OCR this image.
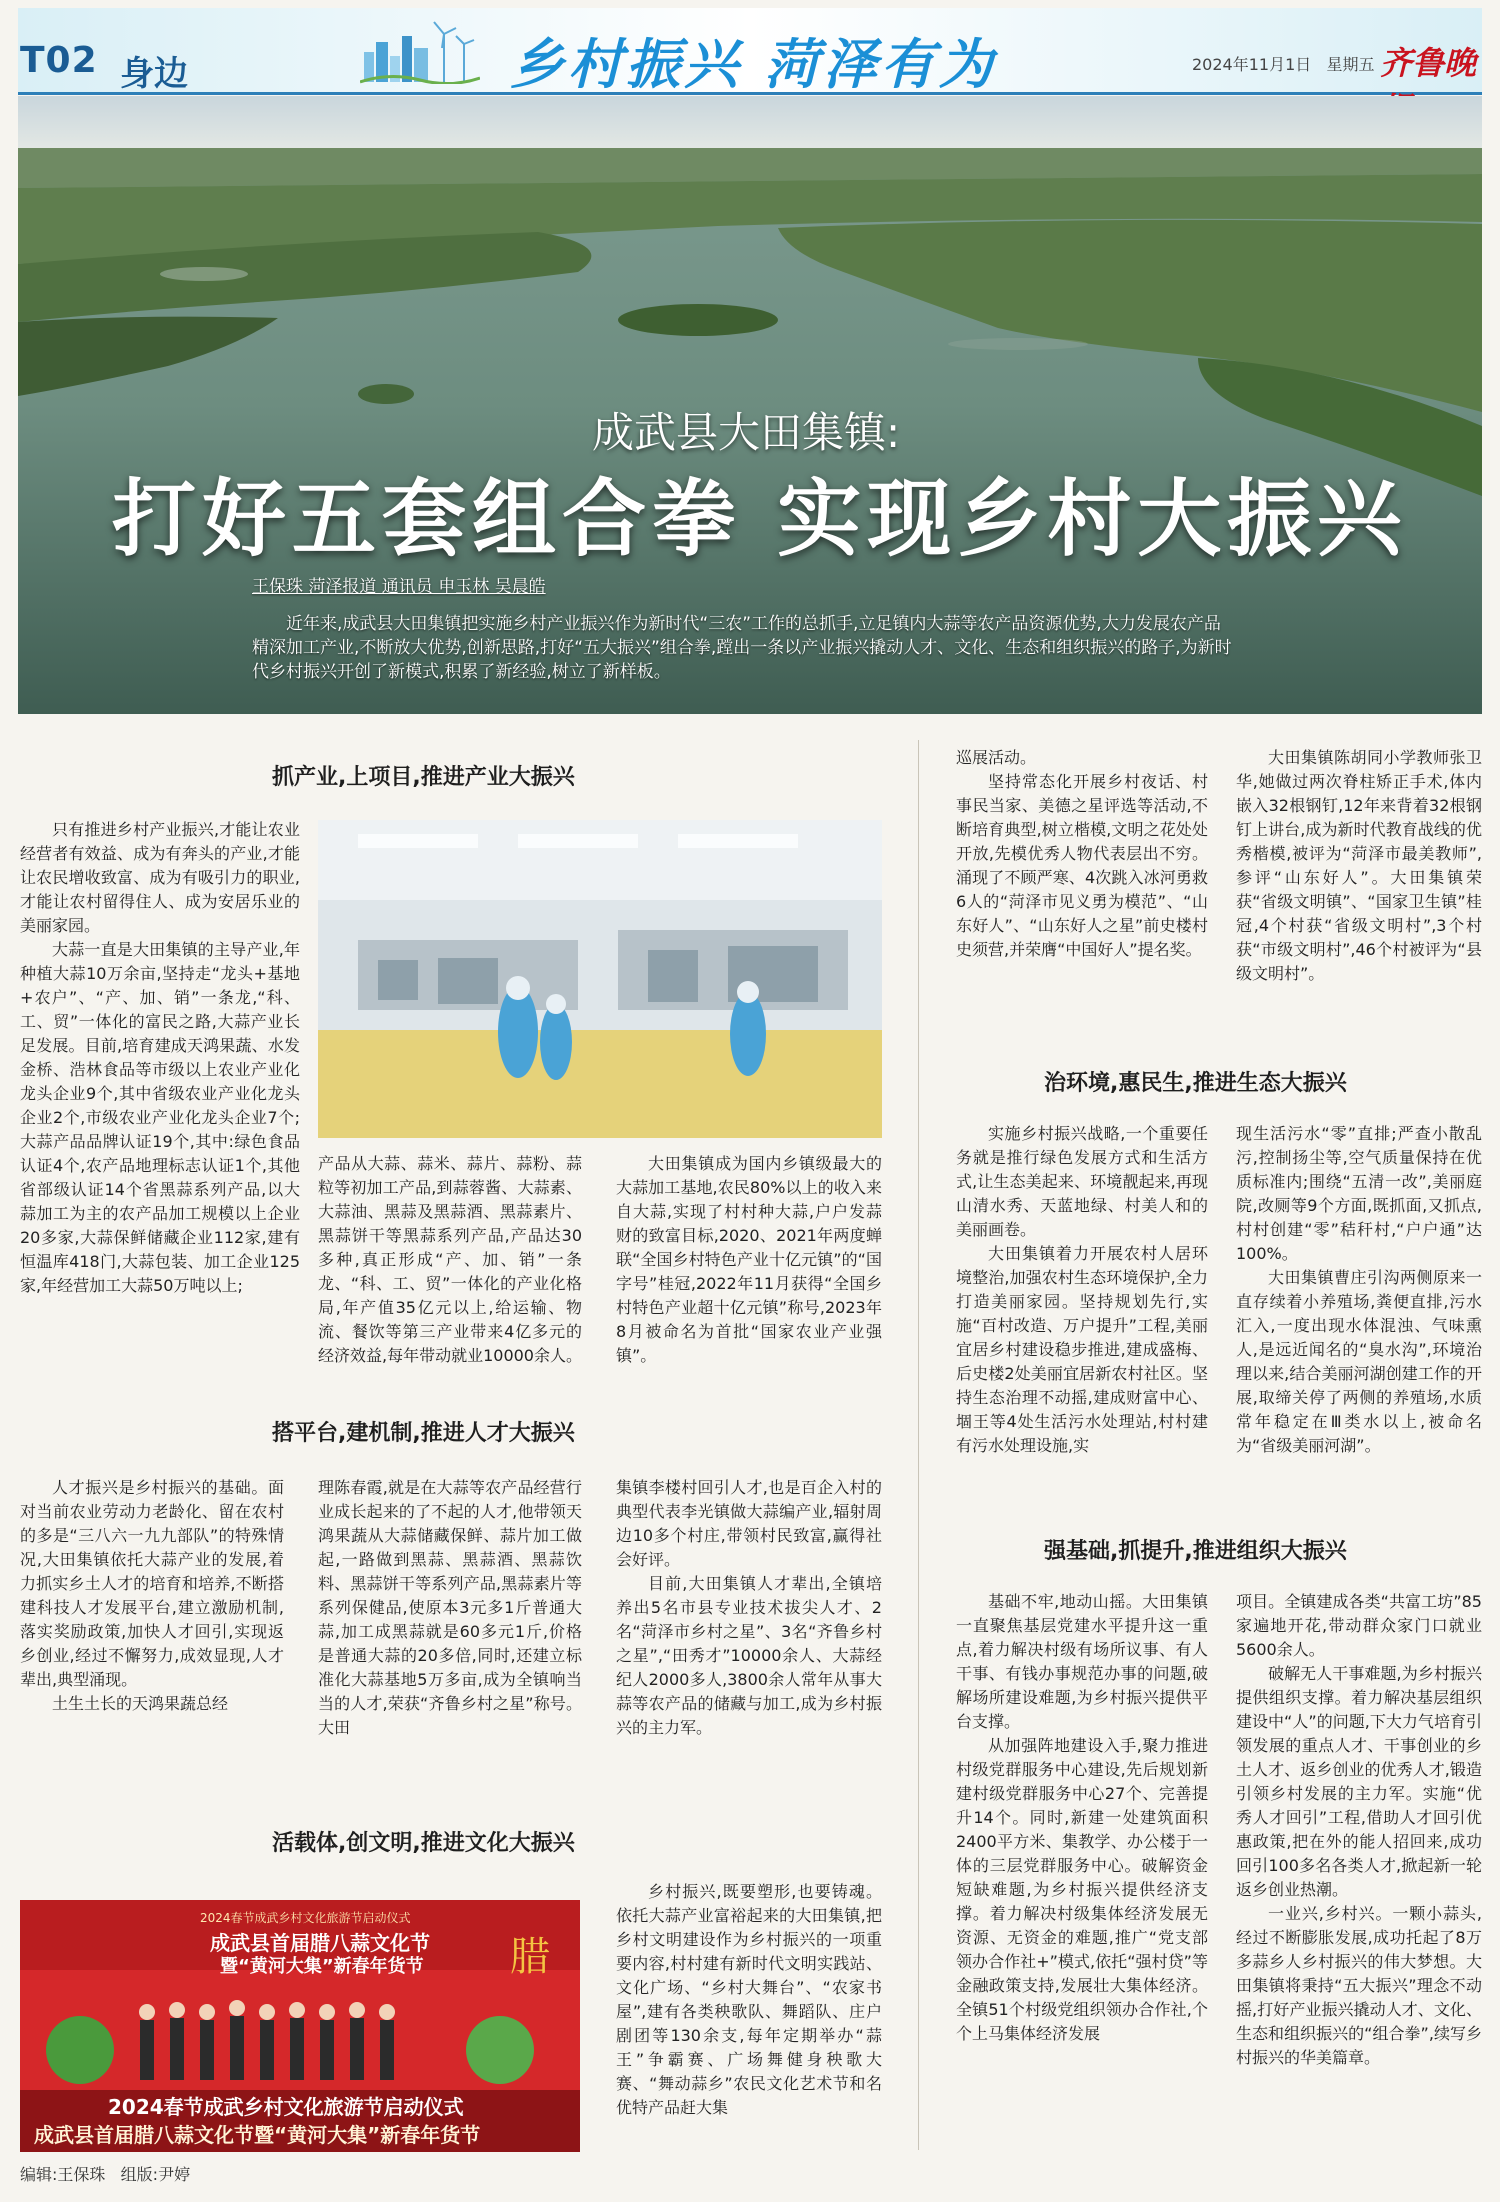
T02 身边	乡村振兴 菏泽有为	2024年11月1日 星期五 齐鲁晚
成武县大田集镇:
打好五套组合拳 实现乡村大振兴
王保珠 菏泽报道 通讯员 申玉林 吴晨皓
近年来,成武县大田集镇把实施乡村产业振兴作为新时代“三农”工作的总抓手,立足镇内大蒜等农产品资源优势,大力发展农产品精深加工产业,不断放大优势,创新思路,打好“五大振兴”组合拳,蹚出一条以产业振兴撬动人才、文化、生态和组织振兴的路子,为新时代乡村振兴开创了新模式,积累了新经验,树立了新样板。
抓产业,上项目,推进产业大振兴

只有推进乡村产业振兴,才能让农业经营者有效益、成为有奔头的产业,才能让农民增收致富、成为有吸引力的职业,才能让农村留得住人、成为安居乐业的美丽家园。

大蒜一直是大田集镇的主导产业,年种植大蒜10万余亩,坚持走“龙头+基地+农户”、“产、加、销”一条龙,“科、工、贸”一体化的富民之路,大蒜产业长足发展。目前,培育建成天鸿果蔬、水发金桥、浩林食品等市级以上农业产业化龙头企业9个,其中省级农业产业化龙头企业2个,市级农业产业化龙头企业7个;大蒜产品品牌认证19个,其中:绿色食品认证4个,农产品地理标志认证1个,其他省部级认证14个省黑蒜系列产品,以大蒜加工为主的农产品加工规模以上企业20多家,大蒜保鲜储藏企业112家,建有恒温库418门,大蒜包装、加工企业125家,年经营加工大蒜50万吨以上;

产品从大蒜、蒜米、蒜片、蒜粉、蒜粒等初加工产品,到蒜蓉酱、大蒜素、大蒜油、黑蒜及黑蒜酒、黑蒜素片、黑蒜饼干等黑蒜系列产品,产品达30多种,真正形成“产、加、销”一条龙、“科、工、贸”一体化的产业化格局,年产值35亿元以上,给运输、物流、餐饮等第三产业带来4亿多元的经济效益,每年带动就业10000余人。

大田集镇成为国内乡镇级最大的大蒜加工基地,农民80%以上的收入来自大蒜,实现了村村种大蒜,户户发蒜财的致富目标,2020、2021年两度蝉联“全国乡村特色产业十亿元镇”的“国字号”桂冠,2022年11月获得“全国乡村特色产业超十亿元镇”称号,2023年8月被命名为首批“国家农业产业强镇”。

搭平台,建机制,推进人才大振兴

人才振兴是乡村振兴的基础。面对当前农业劳动力老龄化、留在农村的多是“三八六一九九部队”的特殊情况,大田集镇依托大蒜产业的发展,着力抓实乡土人才的培育和培养,不断搭建科技人才发展平台,建立激励机制,落实奖励政策,加快人才回引,实现返乡创业,经过不懈努力,成效显现,人才辈出,典型涌现。

土生土长的天鸿果蔬总经

理陈春霞,就是在大蒜等农产品经营行业成长起来的了不起的人才,他带领天鸿果蔬从大蒜储藏保鲜、蒜片加工做起,一路做到黑蒜、黑蒜酒、黑蒜饮料、黑蒜饼干等系列产品,黑蒜素片等系列保健品,使原本3元多1斤普通大蒜,加工成黑蒜就是60多元1斤,价格是普通大蒜的20多倍,同时,还建立标准化大蒜基地5万多亩,成为全镇响当当的人才,荣获“齐鲁乡村之星”称号。大田

集镇李楼村回引人才,也是百企入村的典型代表李光镇做大蒜编产业,辐射周边10多个村庄,带领村民致富,赢得社会好评。

目前,大田集镇人才辈出,全镇培养出5名市县专业技术拔尖人才、2名“菏泽市乡村之星”、3名“齐鲁乡村之星”,“田秀才”10000余人、大蒜经纪人2000多人,3800余人常年从事大蒜等农产品的储藏与加工,成为乡村振兴的主力军。

活载体,创文明,推进文化大振兴
2024春节成武乡村文化旅游节启动仪式
成武县首届腊八蒜文化节
暨“黄河大集”新春年货节 腊
2024春节成武乡村文化旅游节启动仪式
成武县首届腊八蒜文化节暨“黄河大集”新春年货节

乡村振兴,既要塑形,也要铸魂。依托大蒜产业富裕起来的大田集镇,把乡村文明建设作为乡村振兴的一项重要内容,村村建有新时代文明实践站、文化广场、“乡村大舞台”、“农家书屋”,建有各类秧歌队、舞蹈队、庄户剧团等130余支,每年定期举办“蒜王”争霸赛、广场舞健身秧歌大赛、“舞动蒜乡”农民文化艺术节和名优特产品赶大集

巡展活动。

坚持常态化开展乡村夜话、村事民当家、美德之星评选等活动,不断培育典型,树立楷模,文明之花处处开放,先模优秀人物代表层出不穷。涌现了不顾严寒、4次跳入冰河勇救6人的“菏泽市见义勇为模范”、“山东好人”、“山东好人之星”前史楼村史须营,并荣膺“中国好人”提名奖。

大田集镇陈胡同小学教师张卫华,她做过两次脊柱矫正手术,体内嵌入32根钢钉,12年来背着32根钢钉上讲台,成为新时代教育战线的优秀楷模,被评为“菏泽市最美教师”,参评“山东好人”。大田集镇荣获“省级文明镇”、“国家卫生镇”桂冠,4个村获“省级文明村”,3个村获“市级文明村”,46个村被评为“县级文明村”。

治环境,惠民生,推进生态大振兴

实施乡村振兴战略,一个重要任务就是推行绿色发展方式和生活方式,让生态美起来、环境靓起来,再现山清水秀、天蓝地绿、村美人和的美丽画卷。

大田集镇着力开展农村人居环境整治,加强农村生态环境保护,全力打造美丽家园。坚持规划先行,实施“百村改造、万户提升”工程,美丽宜居乡村建设稳步推进,建成盛梅、后史楼2处美丽宜居新农村社区。坚持生态治理不动摇,建成财富中心、堌王等4处生活污水处理站,村村建有污水处理设施,实

现生活污水“零”直排;严查小散乱污,控制扬尘等,空气质量保持在优质标准内;围绕“五清一改”,美丽庭院,改厕等9个方面,既抓面,又抓点,村村创建“零”秸秆村,“户户通”达100%。

大田集镇曹庄引沟两侧原来一直存续着小养殖场,粪便直排,污水汇入,一度出现水体混浊、气味熏人,是远近闻名的“臭水沟”,环境治理以来,结合美丽河湖创建工作的开展,取缔关停了两侧的养殖场,水质常年稳定在Ⅲ类水以上,被命名为“省级美丽河湖”。

强基础,抓提升,推进组织大振兴

基础不牢,地动山摇。大田集镇一直聚焦基层党建水平提升这一重点,着力解决村级有场所议事、有人干事、有钱办事规范办事的问题,破解场所建设难题,为乡村振兴提供平台支撑。

从加强阵地建设入手,聚力推进村级党群服务中心建设,先后规划新建村级党群服务中心27个、完善提升14个。同时,新建一处建筑面积2400平方米、集教学、办公楼于一体的三层党群服务中心。破解资金短缺难题,为乡村振兴提供经济支撑。着力解决村级集体经济发展无资源、无资金的难题,推广“党支部领办合作社+”模式,依托“强村贷”等金融政策支持,发展壮大集体经济。全镇51个村级党组织领办合作社,个个上马集体经济发展

项目。全镇建成各类“共富工坊”85家遍地开花,带动群众家门口就业5600余人。

破解无人干事难题,为乡村振兴提供组织支撑。着力解决基层组织建设中“人”的问题,下大力气培育引领发展的重点人才、干事创业的乡土人才、返乡创业的优秀人才,锻造引领乡村发展的主力军。实施“优秀人才回引”工程,借助人才回引优惠政策,把在外的能人招回来,成功回引100多名各类人才,掀起新一轮返乡创业热潮。

一业兴,乡村兴。一颗小蒜头,经过不断膨胀发展,成功托起了8万多蒜乡人乡村振兴的伟大梦想。大田集镇将秉持“五大振兴”理念不动摇,打好产业振兴撬动人才、文化、生态和组织振兴的“组合拳”,续写乡村振兴的华美篇章。

编辑:王保珠 组版:尹婷
